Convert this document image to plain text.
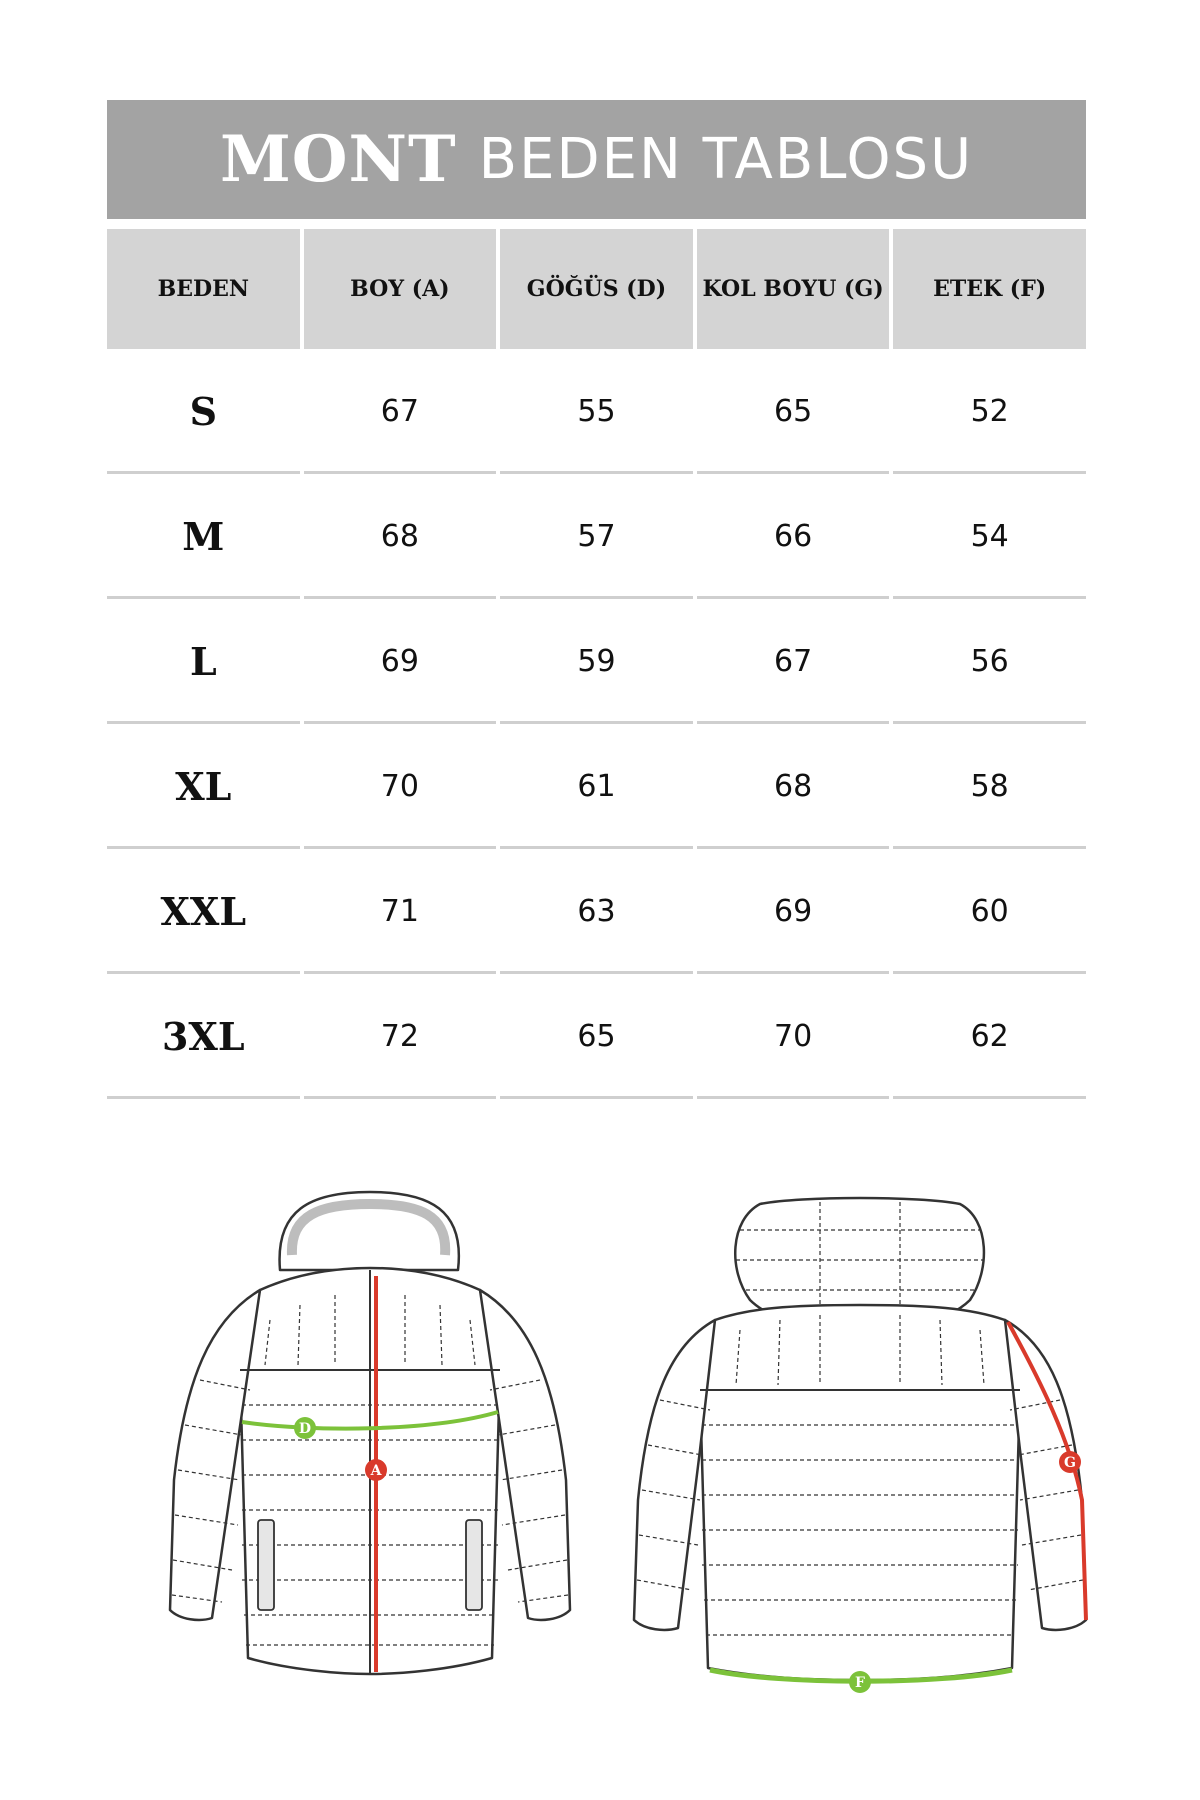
MONT BEDEN TABLOSU
BEDEN	BOY (A)	GÖĞÜS (D)	KOL BOYU (G)	ETEK (F)
S	67	55	65	52
M	68	57	66	54
L	69	59	67	56
XL	70	61	68	58
XXL	71	63	69	60
3XL	72	65	70	62
D
A	G
F
